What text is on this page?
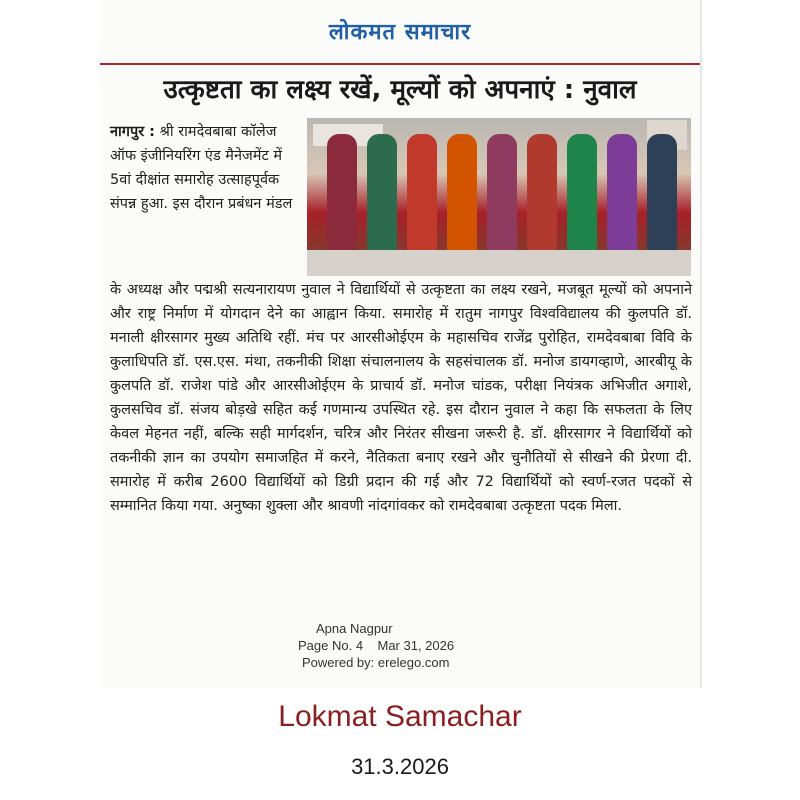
लोकमत समाचार
उत्कृष्टता का लक्ष्य रखें, मूल्यों को अपनाएं : नुवाल
नागपुर : श्री रामदेवबाबा कॉलेज ऑफ इंजीनियरिंग एंड मैनेजमेंट में 5वां दीक्षांत समारोह उत्साहपूर्वक संपन्न हुआ. इस दौरान प्रबंधन मंडल
के अध्यक्ष और पद्मश्री सत्यनारायण नुवाल ने विद्यार्थियों से उत्कृष्टता का लक्ष्य रखने, मजबूत मूल्यों को अपनाने और राष्ट्र निर्माण में योगदान देने का आह्वान किया. समारोह में रातुम नागपुर विश्वविद्यालय की कुलपति डॉ. मनाली क्षीरसागर मुख्य अतिथि रहीं. मंच पर आरसीओईएम के महासचिव राजेंद्र पुरोहित, रामदेवबाबा विवि के कुलाधिपति डॉ. एस.एस. मंथा, तकनीकी शिक्षा संचालनालय के सहसंचालक डॉ. मनोज डायगव्हाणे, आरबीयू के कुलपति डॉ. राजेश पांडे और आरसीओईएम के प्राचार्य डॉ. मनोज चांडक, परीक्षा नियंत्रक अभिजीत अगाशे, कुलसचिव डॉ. संजय बोड़खे सहित कई गणमान्य उपस्थित रहे. इस दौरान नुवाल ने कहा कि सफलता के लिए केवल मेहनत नहीं, बल्कि सही मार्गदर्शन, चरित्र और निरंतर सीखना जरूरी है. डॉ. क्षीरसागर ने विद्यार्थियों को तकनीकी ज्ञान का उपयोग समाजहित में करने, नैतिकता बनाए रखने और चुनौतियों से सीखने की प्रेरणा दी. समारोह में करीब 2600 विद्यार्थियों को डिग्री प्रदान की गई और 72 विद्यार्थियों को स्वर्ण-रजत पदकों से सम्मानित किया गया. अनुष्का शुक्ला और श्रावणी नांदगांवकर को रामदेवबाबा उत्कृष्टता पदक मिला.
Apna Nagpur
Page No. 4    Mar 31, 2026
Powered by: erelego.com
Lokmat Samachar
31.3.2026
